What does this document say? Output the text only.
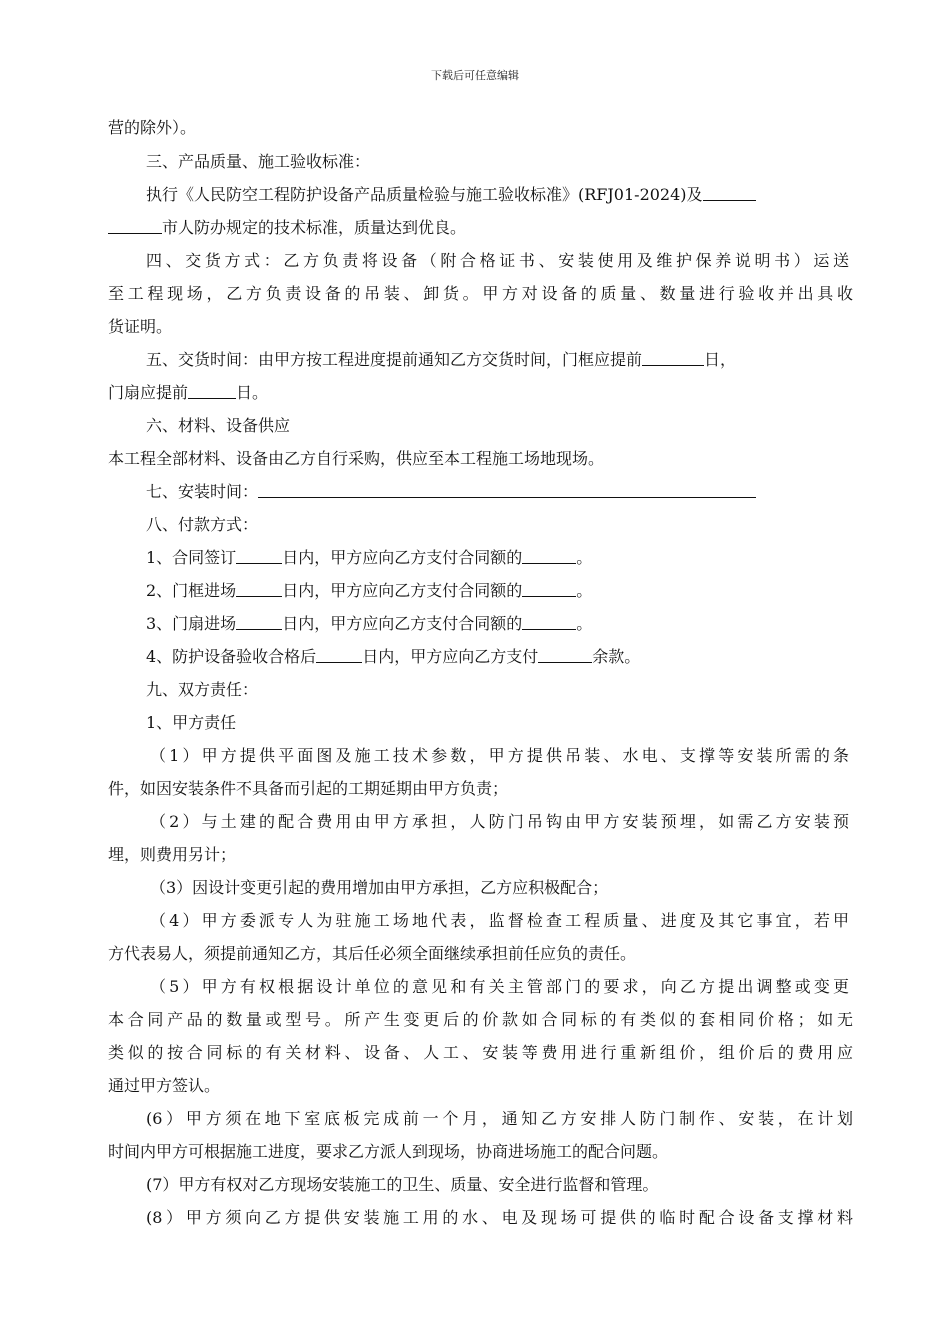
下载后可任意编辑
营的除外）。
三、产品质量、施工验收标准：
执行《人民防空工程防护设备产品质量检验与施工验收标准》(RFJ01-2024)及
市人防办规定的技术标准，质量达到优良。
四、交货方式：乙方负责将设备（附合格证书、安装使用及维护保养说明书）运送
至工程现场，乙方负责设备的吊装、卸货。甲方对设备的质量、数量进行验收并出具收
货证明。
五、交货时间：由甲方按工程进度提前通知乙方交货时间，门框应提前	日，
门扇应提前	日。
六、材料、设备供应
本工程全部材料、设备由乙方自行采购，供应至本工程施工场地现场。
七、安装时间：
八、付款方式：
1、合同签订	日内，甲方应向乙方支付合同额的	。
2、门框进场	日内，甲方应向乙方支付合同额的	。
3、门扇进场	日内，甲方应向乙方支付合同额的	。
4、防护设备验收合格后	日内，甲方应向乙方支付	余款。
九、双方责任：
1、甲方责任
（1）甲方提供平面图及施工技术参数，甲方提供吊装、水电、支撑等安装所需的条
件，如因安装条件不具备而引起的工期延期由甲方负责；
（2）与土建的配合费用由甲方承担，人防门吊钩由甲方安装预埋，如需乙方安装预
埋，则费用另计；
（3）因设计变更引起的费用增加由甲方承担，乙方应积极配合；
（4）甲方委派专人为驻施工场地代表，监督检查工程质量、进度及其它事宜，若甲
方代表易人，须提前通知乙方，其后任必须全面继续承担前任应负的责任。
（5）甲方有权根据设计单位的意见和有关主管部门的要求，向乙方提出调整或变更
本合同产品的数量或型号。所产生变更后的价款如合同标的有类似的套相同价格；如无
类似的按合同标的有关材料、设备、人工、安装等费用进行重新组价，组价后的费用应
通过甲方签认。
(6）甲方须在地下室底板完成前一个月，通知乙方安排人防门制作、安装，在计划
时间内甲方可根据施工进度，要求乙方派人到现场，协商进场施工的配合问题。
(7）甲方有权对乙方现场安装施工的卫生、质量、安全进行监督和管理。
(8）甲方须向乙方提供安装施工用的水、电及现场可提供的临时配合设备支撑材料
